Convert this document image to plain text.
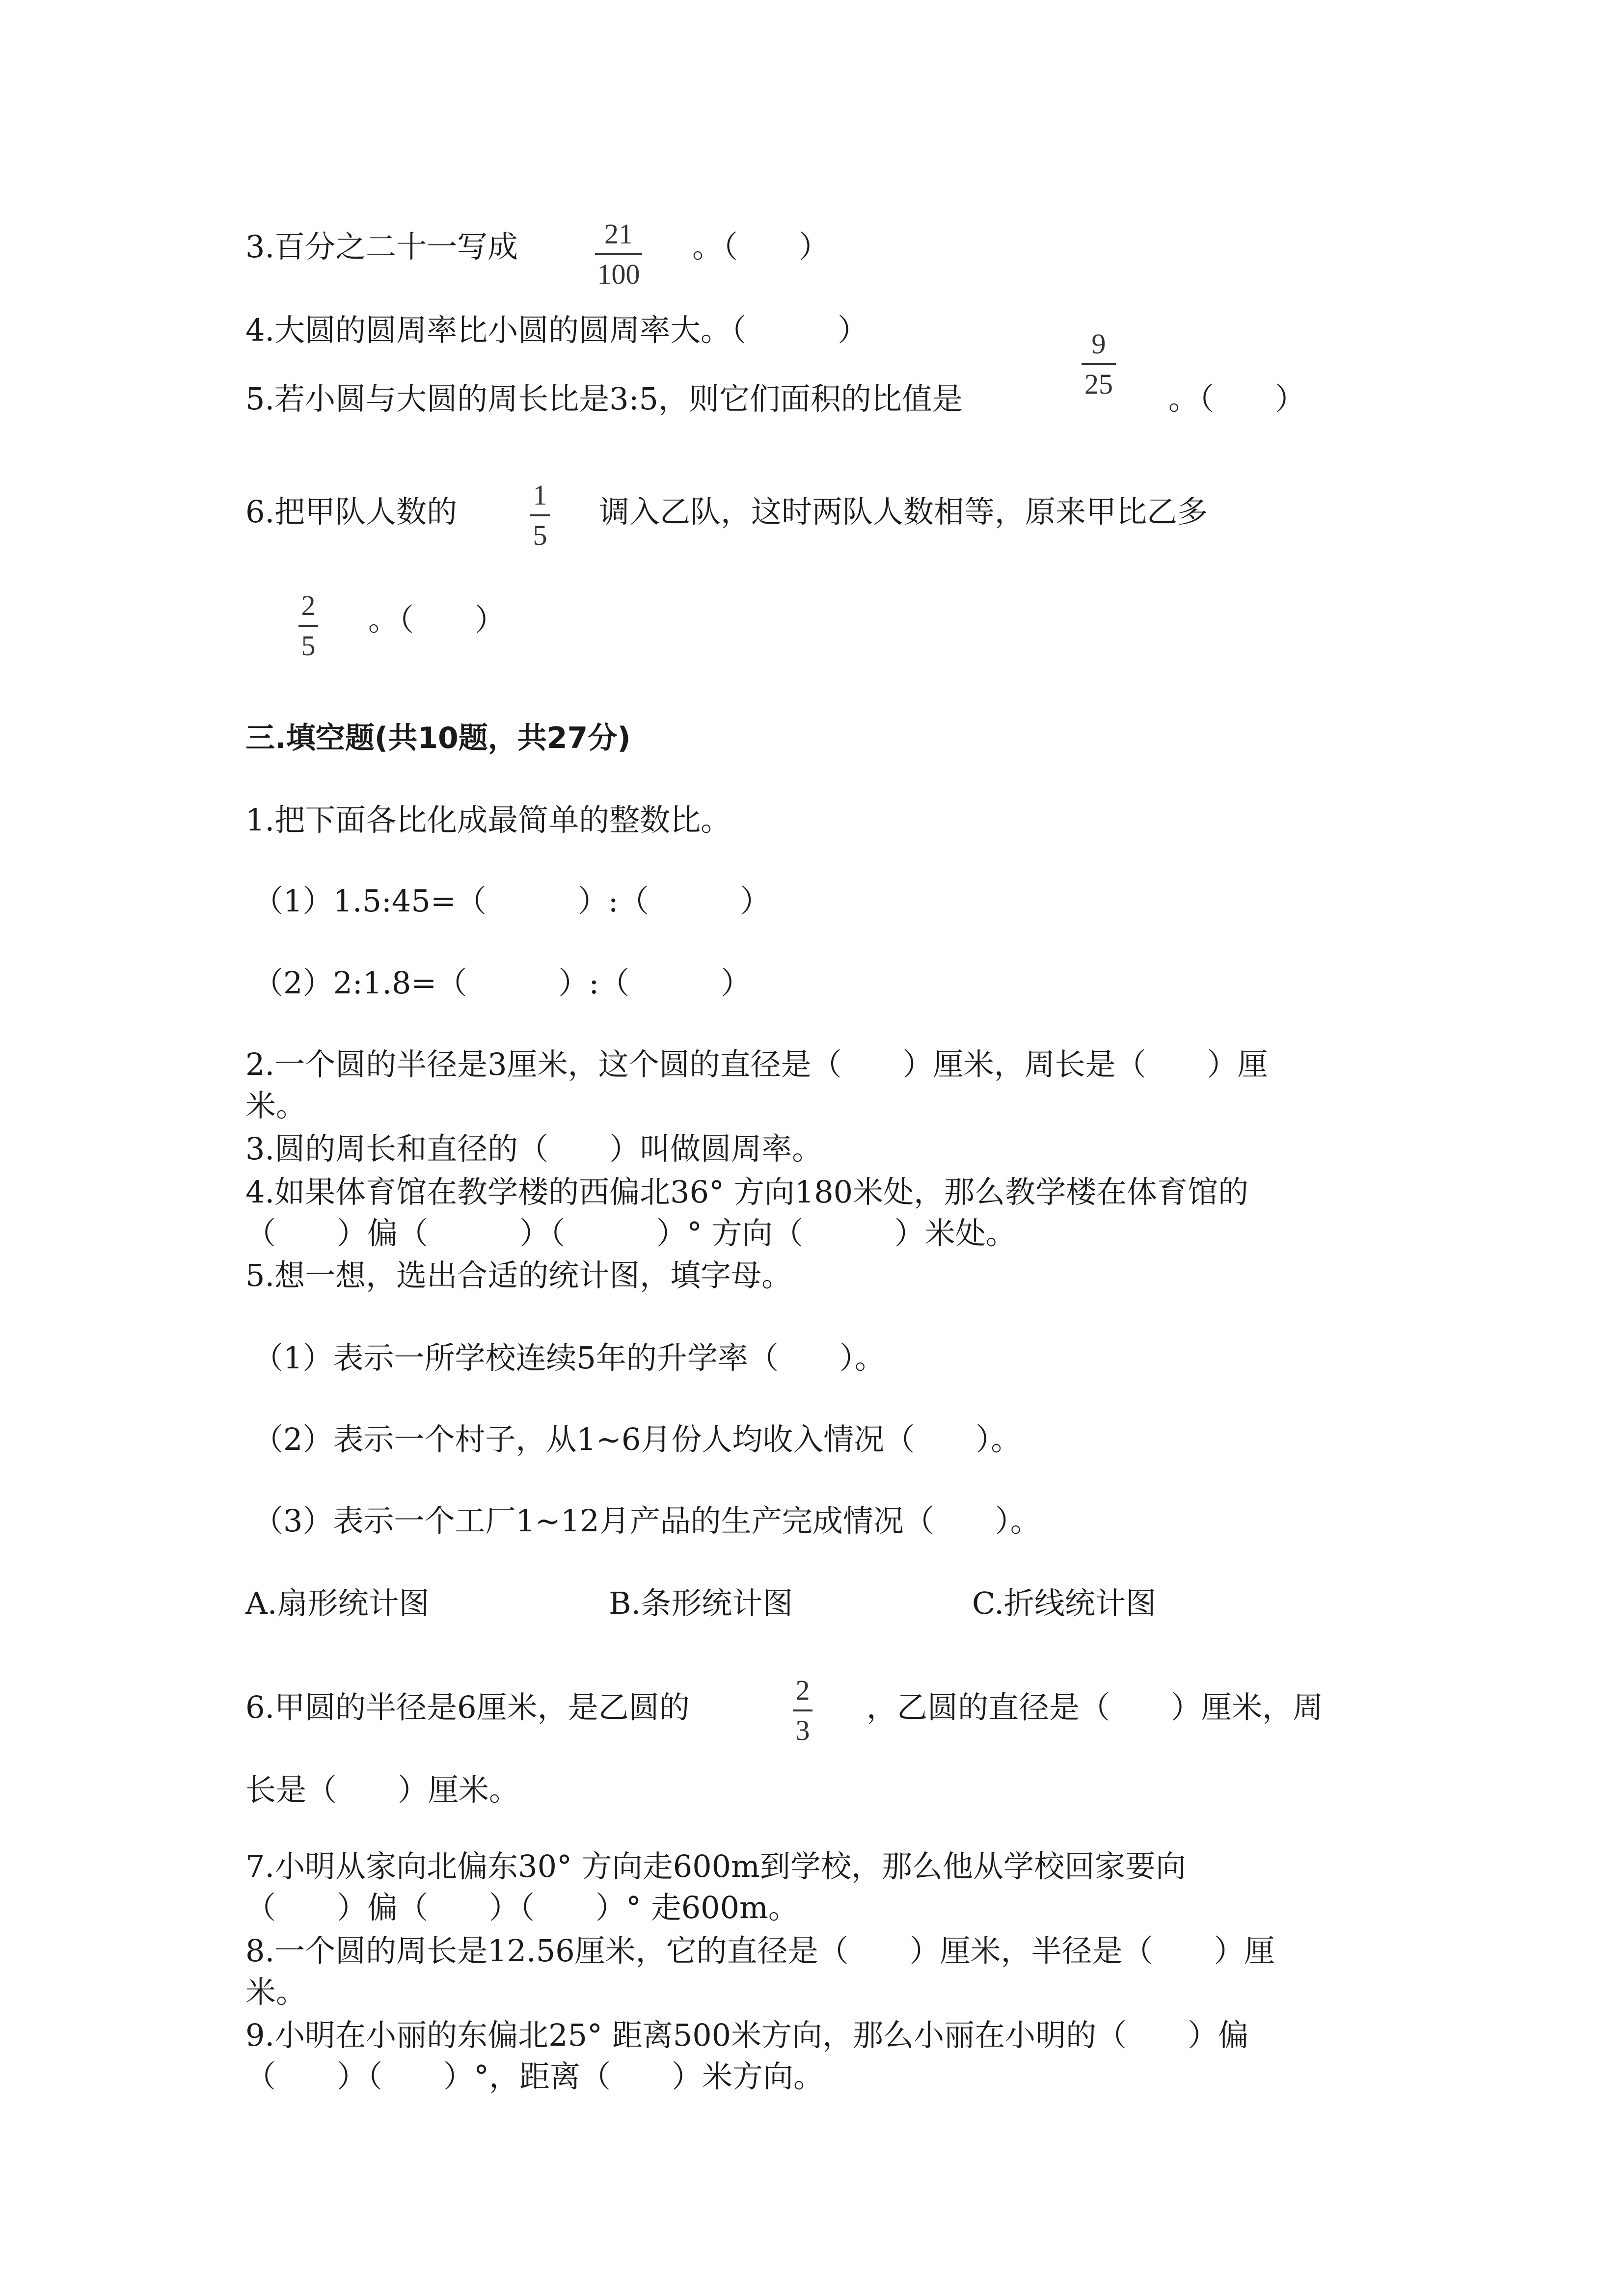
3.百分之二十一写成	21
100
。（　　）
4.大圆的圆周率比小圆的圆周率大。（　　　）
5.若小圆与大圆的周长比是3:5，则它们面积的比值是
9
25	。（　　）
6.把甲队人数的	1
5
调入乙队，这时两队人数相等，原来甲比乙多
2
5
。（　　）
三.填空题(共10题，共27分)
1.把下面各比化成最简单的整数比。
（1）1.5:45=（　　　）:（　　　）
（2）2:1.8=（　　　）:（　　　）
2.一个圆的半径是3厘米，这个圆的直径是（　　）厘米，周长是（　　）厘
米。
3.圆的周长和直径的（　　）叫做圆周率。
4.如果体育馆在教学楼的西偏北36° 方向180米处，那么教学楼在体育馆的
（　　）偏（　　　）（　　　）° 方向（　　　）米处。
5.想一想，选出合适的统计图，填字母。
（1）表示一所学校连续5年的升学率（　　）。
（2）表示一个村子，从1~6月份人均收入情况（　　）。
（3）表示一个工厂1~12月产品的生产完成情况（　　）。
A.扇形统计图	B.条形统计图	C.折线统计图
6.甲圆的半径是6厘米，是乙圆的	2
3
，乙圆的直径是（　　）厘米，周
长是（　　）厘米。
7.小明从家向北偏东30° 方向走600m到学校，那么他从学校回家要向
（　　）偏（　　）（　　）° 走600m。
8.一个圆的周长是12.56厘米，它的直径是（　　）厘米，半径是（　　）厘
米。
9.小明在小丽的东偏北25° 距离500米方向，那么小丽在小明的（　　）偏
（　　）（　　）°，距离（　　）米方向。
